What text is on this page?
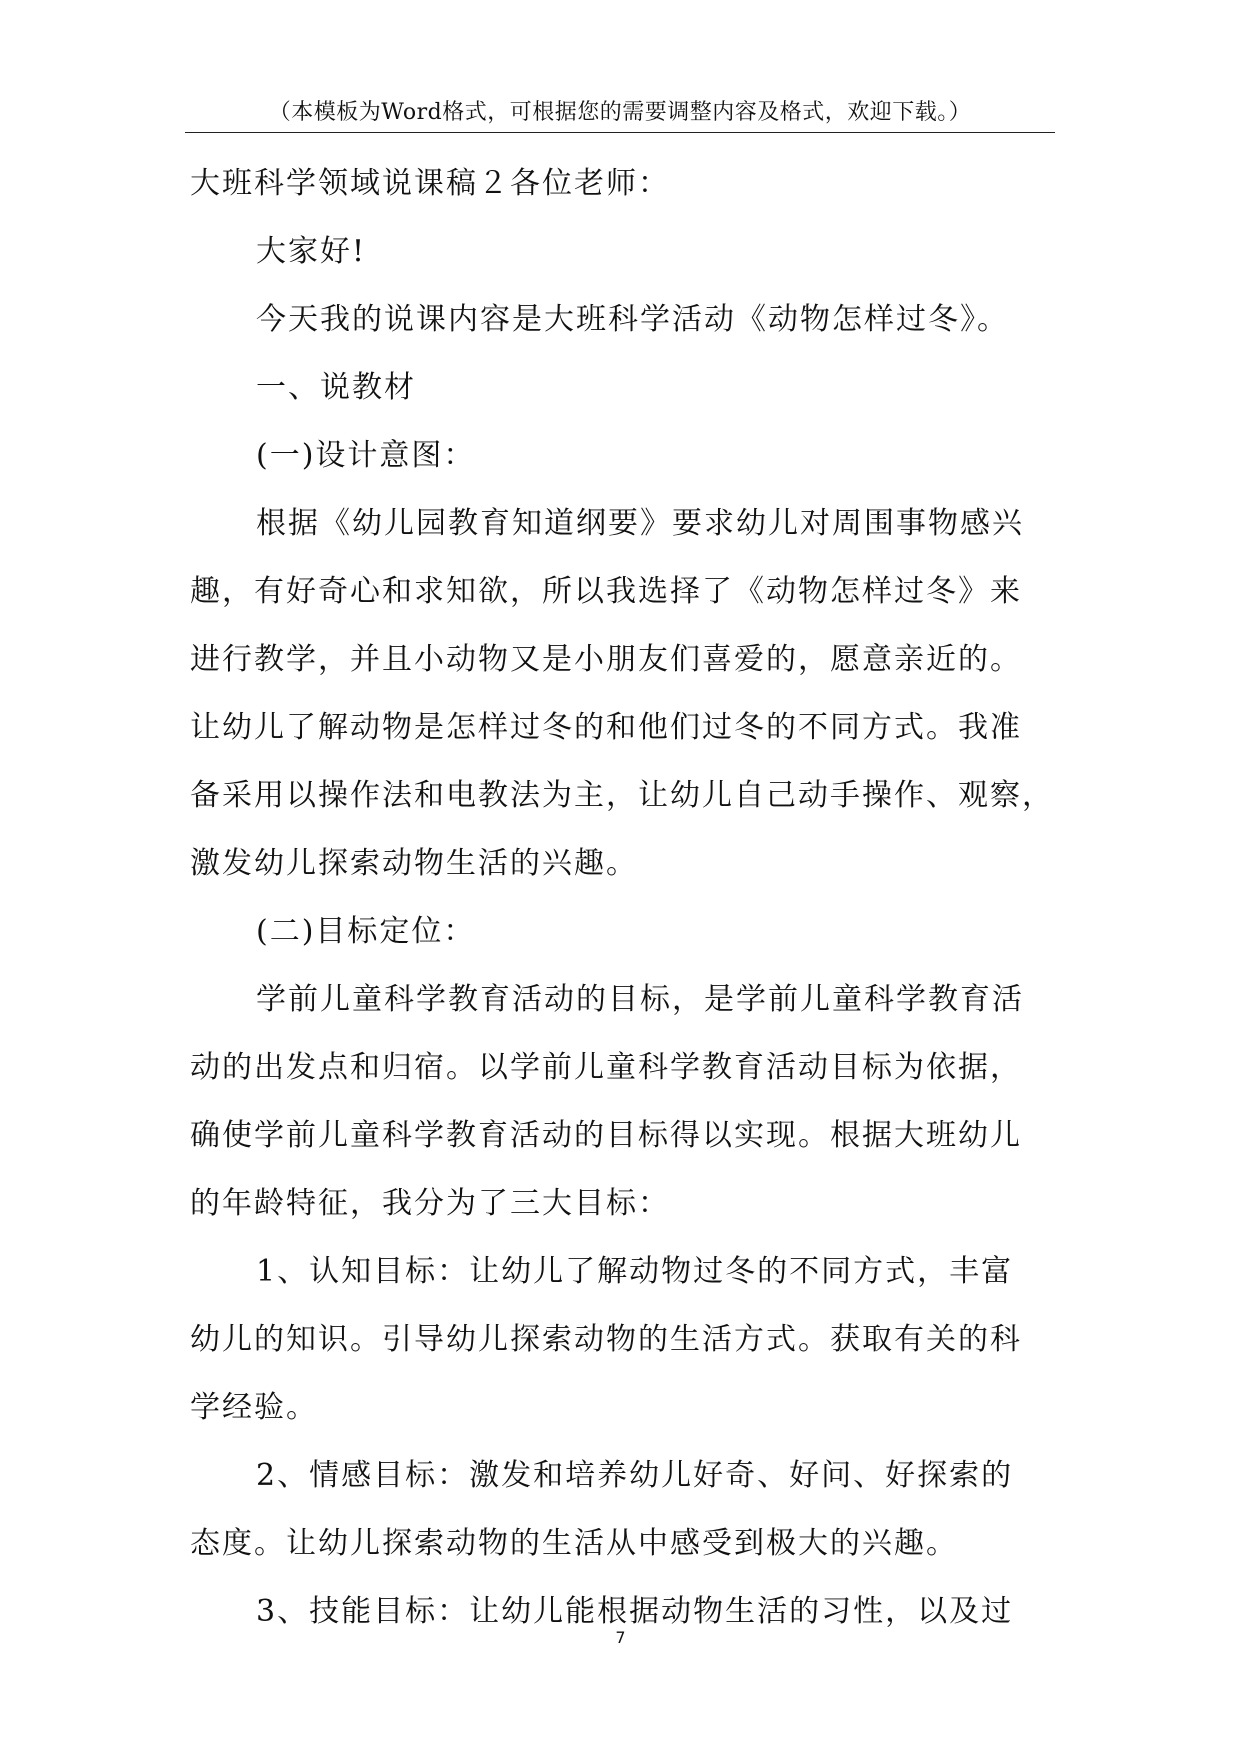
（本模板为Word格式，可根据您的需要调整内容及格式，欢迎下载。）
大班科学领域说课稿２各位老师：
大家好!
今天我的说课内容是大班科学活动《动物怎样过冬》。
一、说教材
(一)设计意图：
根据《幼儿园教育知道纲要》要求幼儿对周围事物感兴
趣，有好奇心和求知欲，所以我选择了《动物怎样过冬》来
进行教学，并且小动物又是小朋友们喜爱的，愿意亲近的。
让幼儿了解动物是怎样过冬的和他们过冬的不同方式。我准
备采用以操作法和电教法为主，让幼儿自己动手操作、观察，
激发幼儿探索动物生活的兴趣。
(二)目标定位：
学前儿童科学教育活动的目标，是学前儿童科学教育活
动的出发点和归宿。以学前儿童科学教育活动目标为依据，
确使学前儿童科学教育活动的目标得以实现。根据大班幼儿
的年龄特征，我分为了三大目标：
1、认知目标：让幼儿了解动物过冬的不同方式，丰富
幼儿的知识。引导幼儿探索动物的生活方式。获取有关的科
学经验。
2、情感目标：激发和培养幼儿好奇、好问、好探索的
态度。让幼儿探索动物的生活从中感受到极大的兴趣。
3、技能目标：让幼儿能根据动物生活的习性，以及过
7
